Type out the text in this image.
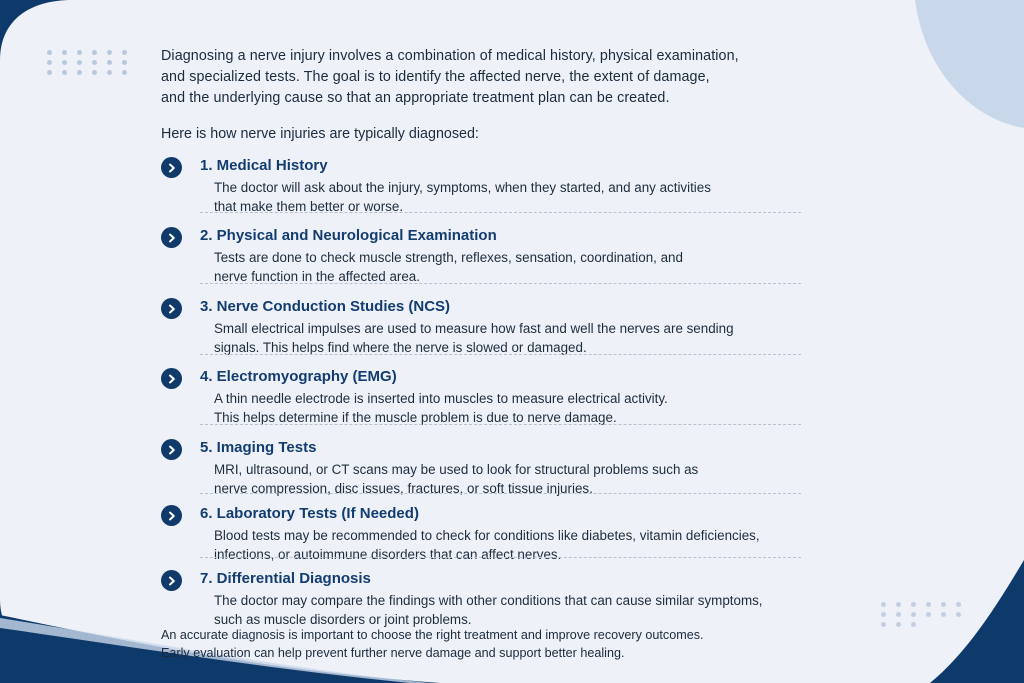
Diagnosing a nerve injury involves a combination of medical history, physical examination,
and specialized tests. The goal is to identify the affected nerve, the extent of damage,
and the underlying cause so that an appropriate treatment plan can be created.

Here is how nerve injuries are typically diagnosed:

1. Medical History

The doctor will ask about the injury, symptoms, when they started, and any activities
that make them better or worse.

2. Physical and Neurological Examination

Tests are done to check muscle strength, reflexes, sensation, coordination, and
nerve function in the affected area.

3. Nerve Conduction Studies (NCS)

Small electrical impulses are used to measure how fast and well the nerves are sending
signals. This helps find where the nerve is slowed or damaged.

4. Electromyography (EMG)

A thin needle electrode is inserted into muscles to measure electrical activity.
This helps determine if the muscle problem is due to nerve damage.

5. Imaging Tests

MRI, ultrasound, or CT scans may be used to look for structural problems such as
nerve compression, disc issues, fractures, or soft tissue injuries.

6. Laboratory Tests (If Needed)

Blood tests may be recommended to check for conditions like diabetes, vitamin deficiencies,
infections, or autoimmune disorders that can affect nerves.

7. Differential Diagnosis

The doctor may compare the findings with other conditions that can cause similar symptoms,
such as muscle disorders or joint problems.
An accurate diagnosis is important to choose the right treatment and improve recovery outcomes.
Early evaluation can help prevent further nerve damage and support better healing.
